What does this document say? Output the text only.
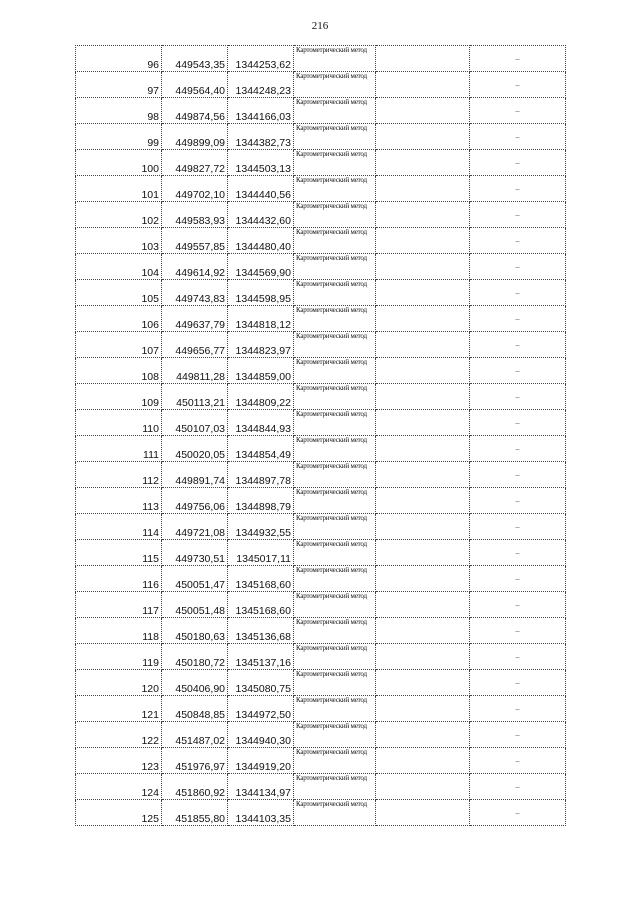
216
96	449543,35	1344253,62	Картометрический метод		–
97	449564,40	1344248,23	Картометрический метод		–
98	449874,56	1344166,03	Картометрический метод		–
99	449899,09	1344382,73	Картометрический метод		–
100	449827,72	1344503,13	Картометрический метод		–
101	449702,10	1344440,56	Картометрический метод		–
102	449583,93	1344432,60	Картометрический метод		–
103	449557,85	1344480,40	Картометрический метод		–
104	449614,92	1344569,90	Картометрический метод		–
105	449743,83	1344598,95	Картометрический метод		–
106	449637,79	1344818,12	Картометрический метод		–
107	449656,77	1344823,97	Картометрический метод		–
108	449811,28	1344859,00	Картометрический метод		–
109	450113,21	1344809,22	Картометрический метод		–
110	450107,03	1344844,93	Картометрический метод		–
111	450020,05	1344854,49	Картометрический метод		–
112	449891,74	1344897,78	Картометрический метод		–
113	449756,06	1344898,79	Картометрический метод		–
114	449721,08	1344932,55	Картометрический метод		–
115	449730,51	1345017,11	Картометрический метод		–
116	450051,47	1345168,60	Картометрический метод		–
117	450051,48	1345168,60	Картометрический метод		–
118	450180,63	1345136,68	Картометрический метод		–
119	450180,72	1345137,16	Картометрический метод		–
120	450406,90	1345080,75	Картометрический метод		–
121	450848,85	1344972,50	Картометрический метод		–
122	451487,02	1344940,30	Картометрический метод		–
123	451976,97	1344919,20	Картометрический метод		–
124	451860,92	1344134,97	Картометрический метод		–
125	451855,80	1344103,35	Картометрический метод		–
